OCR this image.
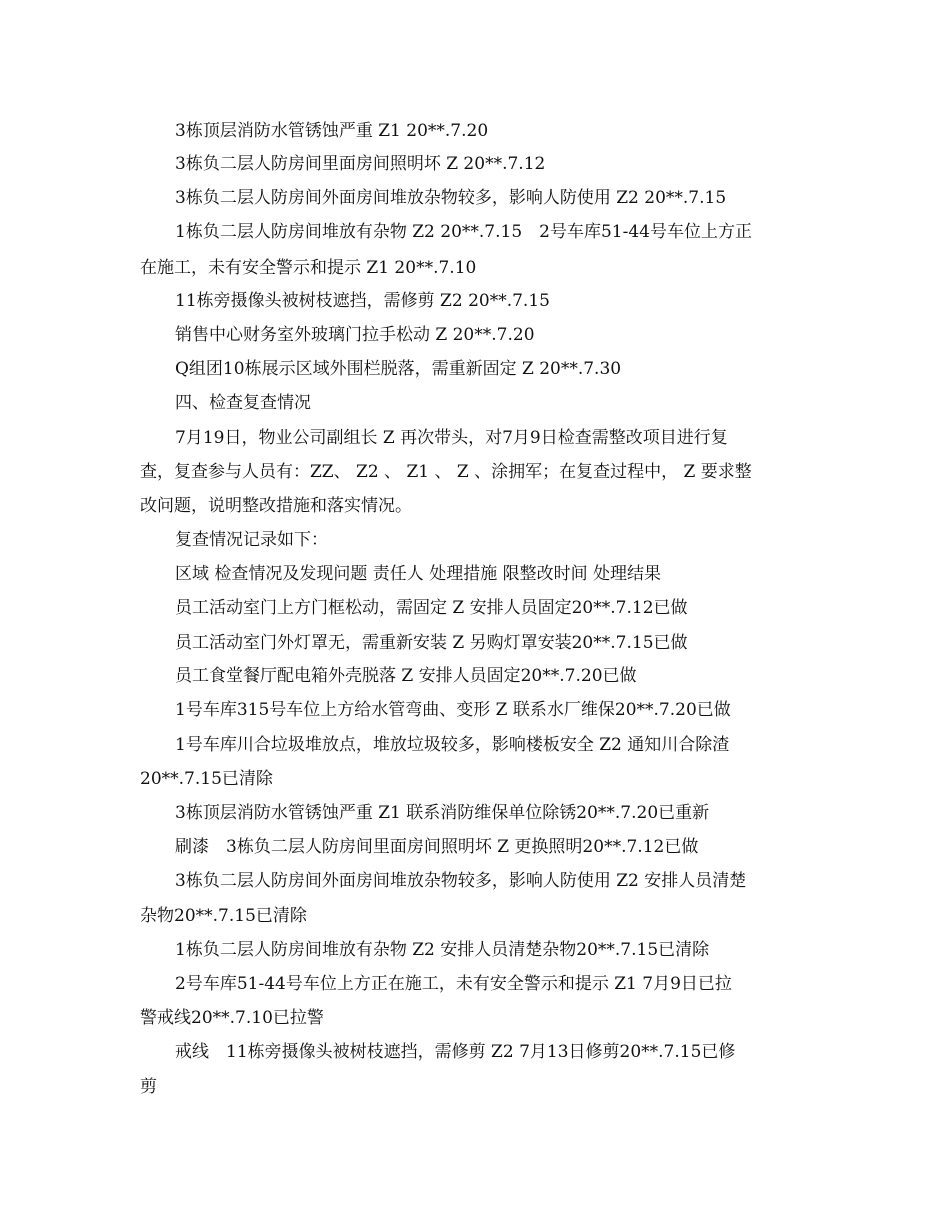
3栋顶层消防水管锈蚀严重 Z1 20**.7.20
3栋负二层人防房间里面房间照明坏 Z 20**.7.12
3栋负二层人防房间外面房间堆放杂物较多，影响人防使用 Z2 20**.7.15
1栋负二层人防房间堆放有杂物 Z2 20**.7.15　2号车库51-44号车位上方正
在施工，未有安全警示和提示 Z1 20**.7.10
11栋旁摄像头被树枝遮挡，需修剪 Z2 20**.7.15
销售中心财务室外玻璃门拉手松动 Z 20**.7.20
Q组团10栋展示区域外围栏脱落，需重新固定 Z 20**.7.30
四、检查复查情况
7月19日，物业公司副组长 Z 再次带头，对7月9日检查需整改项目进行复
查，复查参与人员有：ZZ、 Z2 、 Z1 、 Z 、涂拥军；在复查过程中， Z 要求整
改问题，说明整改措施和落实情况。
复查情况记录如下：
区域 检查情况及发现问题 责任人 处理措施 限整改时间 处理结果
员工活动室门上方门框松动，需固定 Z 安排人员固定20**.7.12已做
员工活动室门外灯罩无，需重新安装 Z 另购灯罩安装20**.7.15已做
员工食堂餐厅配电箱外壳脱落 Z 安排人员固定20**.7.20已做
1号车库315号车位上方给水管弯曲、变形 Z 联系水厂维保20**.7.20已做
1号车库川合垃圾堆放点，堆放垃圾较多，影响楼板安全 Z2 通知川合除渣
20**.7.15已清除
3栋顶层消防水管锈蚀严重 Z1 联系消防维保单位除锈20**.7.20已重新
刷漆　3栋负二层人防房间里面房间照明坏 Z 更换照明20**.7.12已做
3栋负二层人防房间外面房间堆放杂物较多，影响人防使用 Z2 安排人员清楚
杂物20**.7.15已清除
1栋负二层人防房间堆放有杂物 Z2 安排人员清楚杂物20**.7.15已清除
2号车库51-44号车位上方正在施工，未有安全警示和提示 Z1 7月9日已拉
警戒线20**.7.10已拉警
戒线　11栋旁摄像头被树枝遮挡，需修剪 Z2 7月13日修剪20**.7.15已修
剪
